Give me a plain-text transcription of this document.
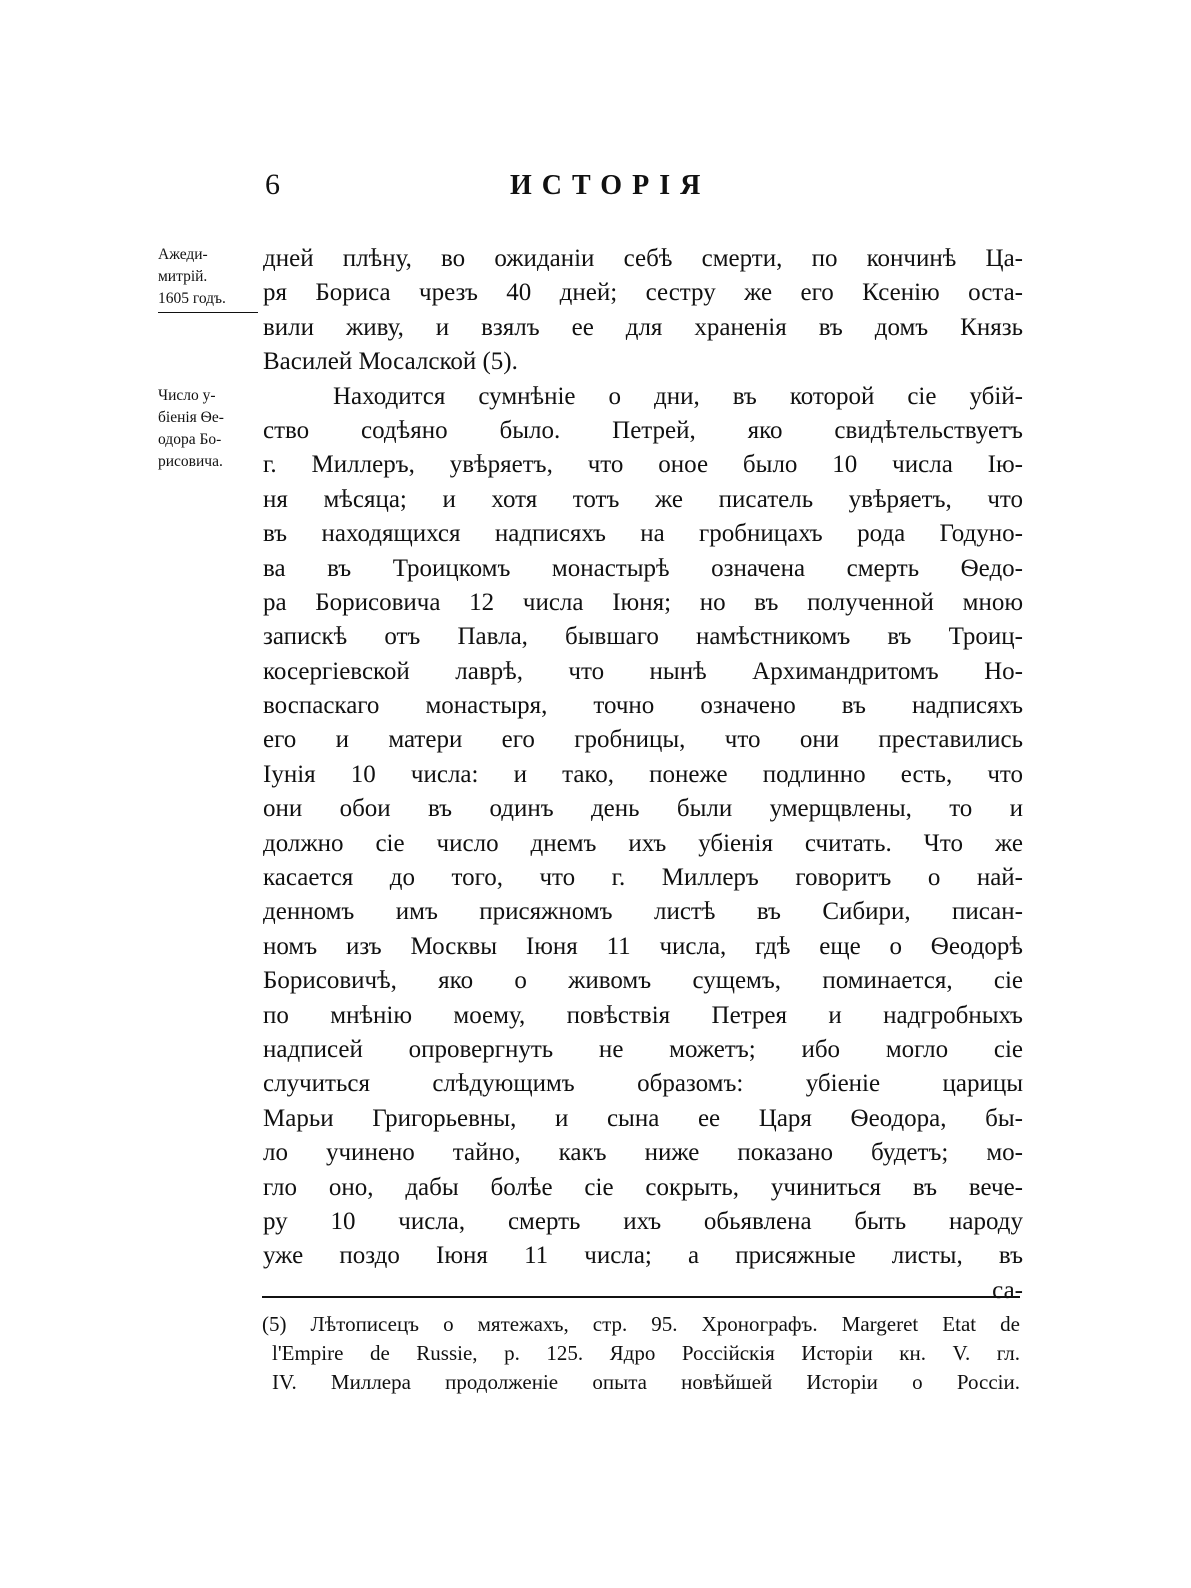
6	ИСТОРІЯ
Ажеди-
митрій.
1605 годъ.
Число у-
біенія Ѳе-
одора Бо-
рисовича.
дней плѣну, во ожиданіи себѣ смерти, по кончинѣ Ца-
ря Бориса чрезъ 40 дней; сестру же его Ксенію оста-
вили живу, и взялъ ее для храненія въ домъ Князь
Василей Мосалской (5).
Находится сумнѣніе о дни, въ которой сіе убій-
ство содѣяно было. Петрей, яко свидѣтельствуетъ
г. Миллеръ, увѣряетъ, что оное было 10 числа Ію-
ня мѣсяца; и хотя тотъ же писатель увѣряетъ, что
въ находящихся надписяхъ на гробницахъ рода Годуно-
ва въ Троицкомъ монастырѣ означена смерть Ѳедо-
ра Борисовича 12 числа Іюня; но въ полученной мною
запискѣ отъ Павла, бывшаго намѣстникомъ въ Троиц-
косергіевской лаврѣ, что нынѣ Архимандритомъ Но-
воспаскаго монастыря, точно означено въ надписяхъ
его и матери его гробницы, что они преставились
Іунія 10 числа: и тако, понеже подлинно есть, что
они обои въ одинъ день были умерщвлены, то и
должно сіе число днемъ ихъ убіенія считать. Что же
касается до того, что г. Миллеръ говоритъ о най-
денномъ имъ присяжномъ листѣ въ Сибири, писан-
номъ изъ Москвы Іюня 11 числа, гдѣ еще о Ѳеодорѣ
Борисовичѣ, яко о живомъ сущемъ, поминается, сіе
по мнѣнію моему, повѣствія Петрея и надгробныхъ
надписей опровергнуть не можетъ; ибо могло сіе
случиться слѣдующимъ образомъ: убіеніе царицы
Марьи Григорьевны, и сына ее Царя Ѳеодора, бы-
ло учинено тайно, какъ ниже показано будетъ; мо-
гло оно, дабы болѣе сіе сокрыть, учиниться въ вече-
ру 10 числа, смерть ихъ обьявлена быть народу
уже поздо Іюня 11 числа; а присяжные листы, въ
са-
(5) Лѣтописецъ о мятежахъ, стр. 95. Хронографъ. Margeret Etat de
l'Empire de Russie, p. 125. Ядро Россійскія Исторіи кн. V. гл.
IV. Миллера продолженіе опыта новѣйшей Исторіи о Россіи.
